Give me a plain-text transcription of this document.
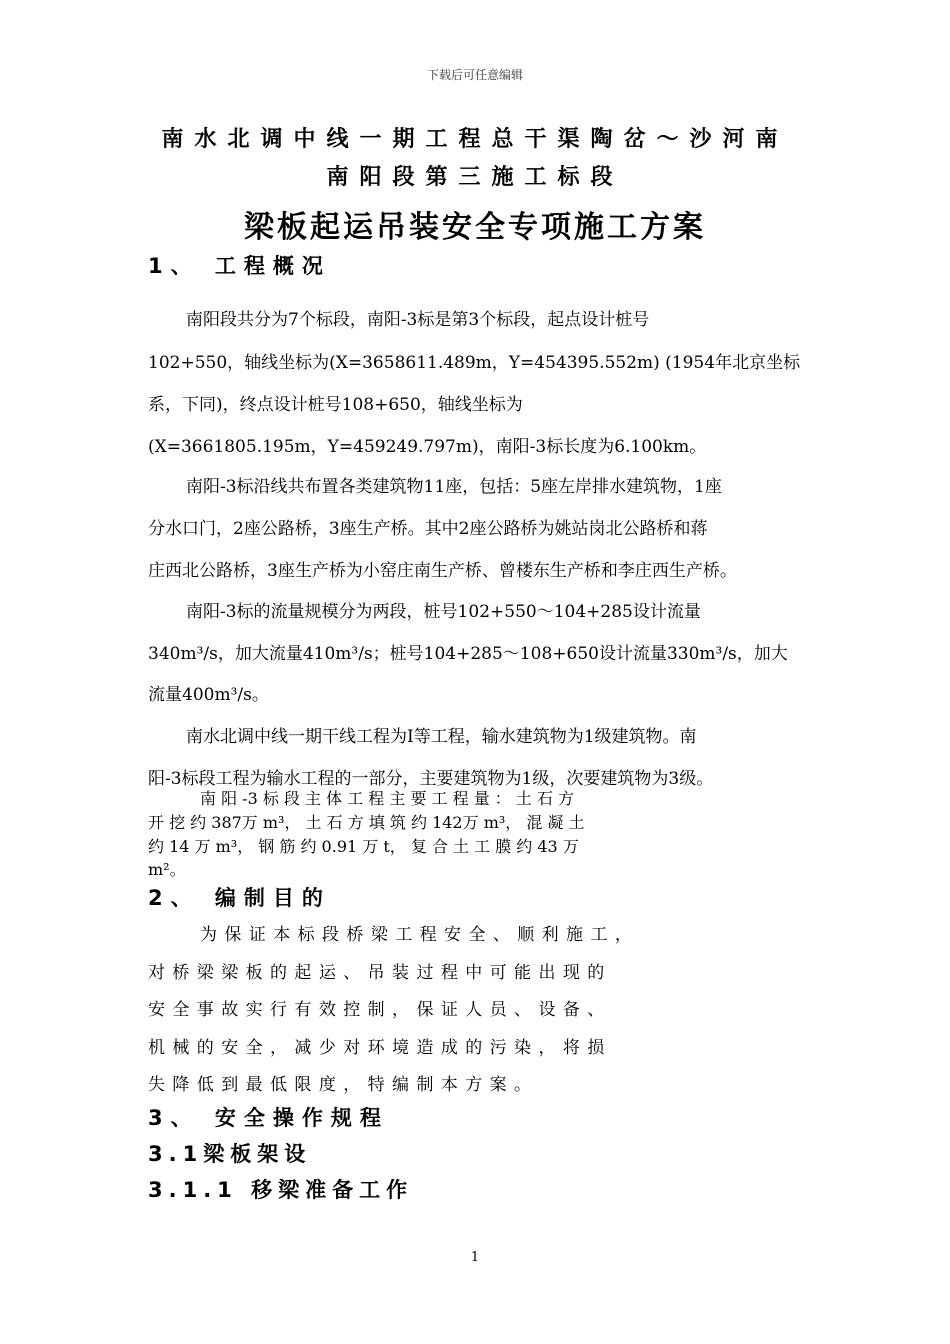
下载后可任意编辑
南水北调中线一期工程总干渠陶岔～沙河南
南阳段第三施工标段
梁板起运吊装安全专项施工方案
1、 工程概况
南阳段共分为7个标段，南阳-3标是第3个标段，起点设计桩号
102+550，轴线坐标为(X=3658611.489m，Y=454395.552m) (1954年北京坐标
系，下同)，终点设计桩号108+650，轴线坐标为
(X=3661805.195m，Y=459249.797m)，南阳-3标长度为6.100km。
南阳-3标沿线共布置各类建筑物11座，包括：5座左岸排水建筑物，1座
分水口门，2座公路桥，3座生产桥。其中2座公路桥为姚站岗北公路桥和蒋
庄西北公路桥，3座生产桥为小窑庄南生产桥、曾楼东生产桥和李庄西生产桥。
南阳-3标的流量规模分为两段，桩号102+550～104+285设计流量
340m³/s，加大流量410m³/s；桩号104+285～108+650设计流量330m³/s，加大
流量400m³/s。
南水北调中线一期干线工程为Ⅰ等工程，输水建筑物为1级建筑物。南
阳-3标段工程为输水工程的一部分，主要建筑物为1级，次要建筑物为3级。
南 阳 -3 标 段 主 体 工 程 主 要 工 程 量 ： 土 石 方
开 挖 约 387万 m³， 土 石 方 填 筑 约 142万 m³， 混 凝 土
约 14 万 m³， 钢 筋 约 0.91 万 t， 复 合 土 工 膜 约 43 万
m²。
2、 编制目的
为 保 证 本 标 段 桥 梁 工 程 安 全 、 顺 利 施 工 ，
对 桥 梁 梁 板 的 起 运 、 吊 装 过 程 中 可 能 出 现 的
安 全 事 故 实 行 有 效 控 制 ， 保 证 人 员 、 设 备 、
机 械 的 安 全 ， 减 少 对 环 境 造 成 的 污 染 ， 将 损
失 降 低 到 最 低 限 度 ， 特 编 制 本 方 案 。
3、 安全操作规程
3.1梁板架设
3.1.1 移梁准备工作
1
